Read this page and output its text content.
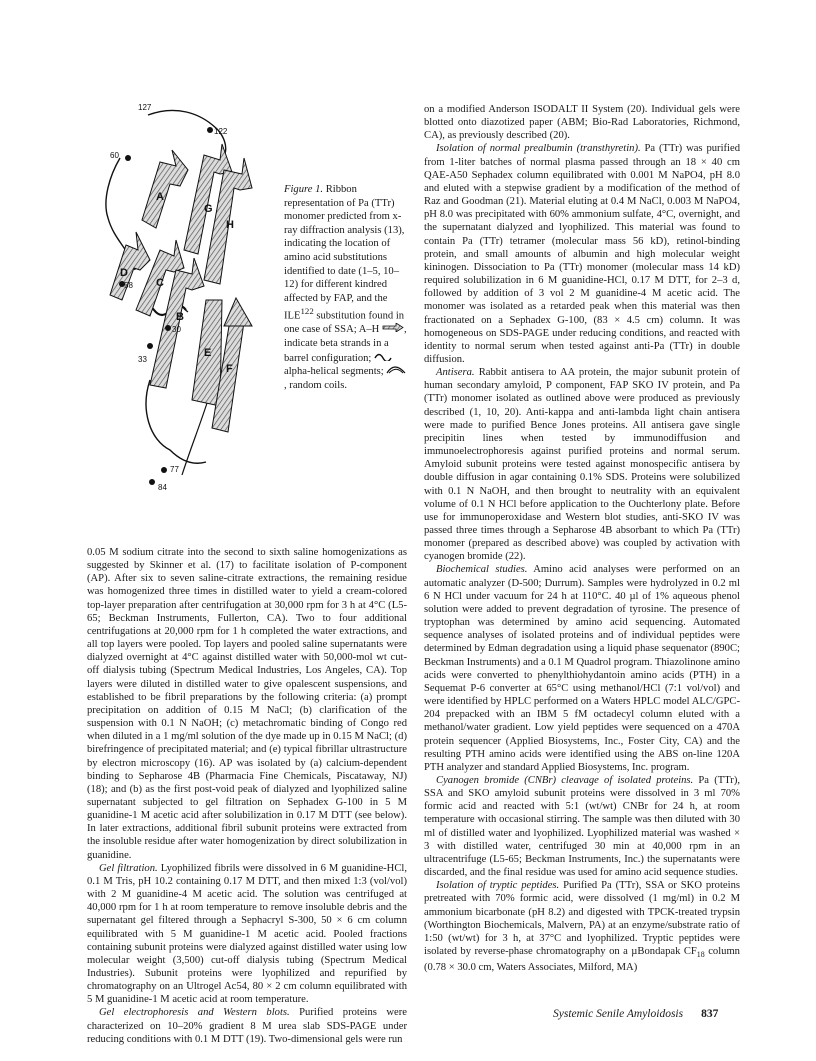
A
B
C
D
E
F
G
H
127
122
60
58
30
33
77
84
Figure 1. Ribbon representation of Pa (TTr) monomer predicted from x-ray diffraction analysis (13), indicating the location of amino acid substitutions identified to date (1–5, 10–12) for different kindred affected by FAP, and the ILE$^{122}$ substitution found in one case of SSA; A–H , indicate beta strands in a barrel configuration; alpha-helical segments; , random coils.

0.05 M sodium citrate into the second to sixth saline homogenizations as suggested by Skinner et al. (17) to facilitate isolation of P-component (AP). After six to seven saline-citrate extractions, the remaining residue was homogenized three times in distilled water to yield a cream-colored top-layer preparation after centrifugation at 30,000 rpm for 3 h at 4°C (L5-65; Beckman Instruments, Fullerton, CA). Two to four additional centrifugations at 20,000 rpm for 1 h completed the water extractions, and all top layers were pooled. Top layers and pooled saline supernatants were dialyzed overnight at 4°C against distilled water with 50,000-mol wt cut-off dialysis tubing (Spectrum Medical Industries, Los Angeles, CA). Top layers were diluted in distilled water to give opalescent suspensions, and established to be fibril preparations by the following criteria: (a) prompt precipitation on addition of 0.15 M NaCl; (b) clarification of the suspension with 0.1 N NaOH; (c) metachromatic binding of Congo red when diluted in a 1 mg/ml solution of the dye made up in 0.15 M NaCl; (d) birefringence of precipitated material; and (e) typical fibrillar ultrastructure by electron microscopy (16). AP was isolated by (a) calcium-dependent binding to Sepharose 4B (Pharmacia Fine Chemicals, Piscataway, NJ) (18); and (b) as the first post-void peak of dialyzed and lyophilized saline supernatant subjected to gel filtration on Sephadex G-100 in 5 M guanidine-1 M acetic acid after solubilization in 0.17 M DTT (see below). In later extractions, additional fibril subunit proteins were extracted from the insoluble residue after water homogenization by direct solubilization in guanidine.

Gel filtration. Lyophilized fibrils were dissolved in 6 M guanidine-HCl, 0.1 M Tris, pH 10.2 containing 0.17 M DTT, and then mixed 1:3 (vol/vol) with 2 M guanidine-4 M acetic acid. The solution was centrifuged at 40,000 rpm for 1 h at room temperature to remove insoluble debris and the supernatant gel filtered through a Sephacryl S-300, 50 × 6 cm column equilibrated with 5 M guanidine-1 M acetic acid. Pooled fractions containing subunit proteins were dialyzed against distilled water using low molecular weight (3,500) cut-off dialysis tubing (Spectrum Medical Industries). Subunit proteins were lyophilized and repurified by chromatography on an Ultrogel Ac54, 80 × 2 cm column equilibrated with 5 M guanidine-1 M acetic acid at room temperature.

Gel electrophoresis and Western blots. Purified proteins were characterized on 10–20% gradient 8 M urea slab SDS-PAGE under reducing conditions with 0.1 M DTT (19). Two-dimensional gels were run

on a modified Anderson ISODALT II System (20). Individual gels were blotted onto diazotized paper (ABM; Bio-Rad Laboratories, Richmond, CA), as previously described (20).

Isolation of normal prealbumin (transthyretin). Pa (TTr) was purified from 1-liter batches of normal plasma passed through an 18 × 40 cm QAE-A50 Sephadex column equilibrated with 0.001 M NaPO4, pH 8.0 and eluted with a stepwise gradient by a modification of the method of Raz and Goodman (21). Material eluting at 0.4 M NaCl, 0.003 M NaPO4, pH 8.0 was precipitated with 60% ammonium sulfate, 4°C, overnight, and the supernatant dialyzed and lyophilized. This material was found to contain Pa (TTr) tetramer (molecular mass 56 kD), retinol-binding protein, and small amounts of albumin and high molecular weight kininogen. Dissociation to Pa (TTr) monomer (molecular mass 14 kD) required solubilization in 6 M guanidine-HCl, 0.17 M DTT, for 2–3 d, followed by addition of 3 vol 2 M guanidine-4 M acetic acid. The monomer was isolated as a retarded peak when this material was then fractionated on a Sephadex G-100, (83 × 4.5 cm) column. It was homogeneous on SDS-PAGE under reducing conditions, and reacted with identity to normal serum when tested against anti-Pa (TTr) in double diffusion.

Antisera. Rabbit antisera to AA protein, the major subunit protein of human secondary amyloid, P component, FAP SKO IV protein, and Pa (TTr) monomer isolated as outlined above were produced as previously described (1, 10, 20). Anti-kappa and anti-lambda light chain antisera were made to purified Bence Jones proteins. All antisera gave single precipitin lines when tested by immunodiffusion and immunoelectrophoresis against purified proteins and normal serum. Amyloid subunit proteins were tested against monospecific antisera by double diffusion in agar containing 0.1% SDS. Proteins were solubilized with 0.1 N NaOH, and then brought to neutrality with an equivalent volume of 0.1 N HCl before application to the Ouchterlony plate. Before use for immunoperoxidase and Western blot studies, anti-SKO IV was passed three times through a Sepharose 4B absorbant to which Pa (TTr) monomer (prepared as described above) was coupled by activation with cyanogen bromide (22).

Biochemical studies. Amino acid analyses were performed on an automatic analyzer (D-500; Durrum). Samples were hydrolyzed in 0.2 ml 6 N HCl under vacuum for 24 h at 110°C. 40 µl of 1% aqueous phenol solution were added to prevent degradation of tyrosine. The presence of tryptophan was determined by amino acid sequencing. Automated sequence analyses of isolated proteins and of individual peptides were determined by Edman degradation using a liquid phase sequenator (890C; Beckman Instruments) and a 0.1 M Quadrol program. Thiazolinone amino acids were converted to phenylthiohydantoin amino acids (PTH) in a Sequemat P-6 converter at 65°C using methanol/HCl (7:1 vol/vol) and were identified by HPLC performed on a Waters HPLC model ALC/GPC-204 prepacked with an IBM 5 fM octadecyl column eluted with a methanol/water gradient. Low yield peptides were sequenced on a 470A protein sequencer (Applied Biosystems, Inc., Foster City, CA) and the resulting PTH amino acids were identified using the ABS on-line 120A PTH analyzer and standard Applied Biosystems, Inc. program.

Cyanogen bromide (CNBr) cleavage of isolated proteins. Pa (TTr), SSA and SKO amyloid subunit proteins were dissolved in 3 ml 70% formic acid and reacted with 5:1 (wt/wt) CNBr for 24 h, at room temperature with occasional stirring. The sample was then diluted with 30 ml of distilled water and lyophilized. Lyophilized material was washed × 3 with distilled water, centrifuged 30 min at 40,000 rpm in an ultracentrifuge (L5-65; Beckman Instruments, Inc.) the supernatants were discarded, and the final residue was used for amino acid sequence studies.

Isolation of tryptic peptides. Purified Pa (TTr), SSA or SKO proteins pretreated with 70% formic acid, were dissolved (1 mg/ml) in 0.2 M ammonium bicarbonate (pH 8.2) and digested with TPCK-treated trypsin (Worthington Biochemicals, Malvern, PA) at an enzyme/substrate ratio of 1:50 (wt/wt) for 3 h, at 37°C and lyophilized. Tryptic peptides were isolated by reverse-phase chromatography on a µBondapak $CF_{18}$ column (0.78 × 30.0 cm, Waters Associates, Milford, MA)

Systemic Senile Amyloidosis 837
